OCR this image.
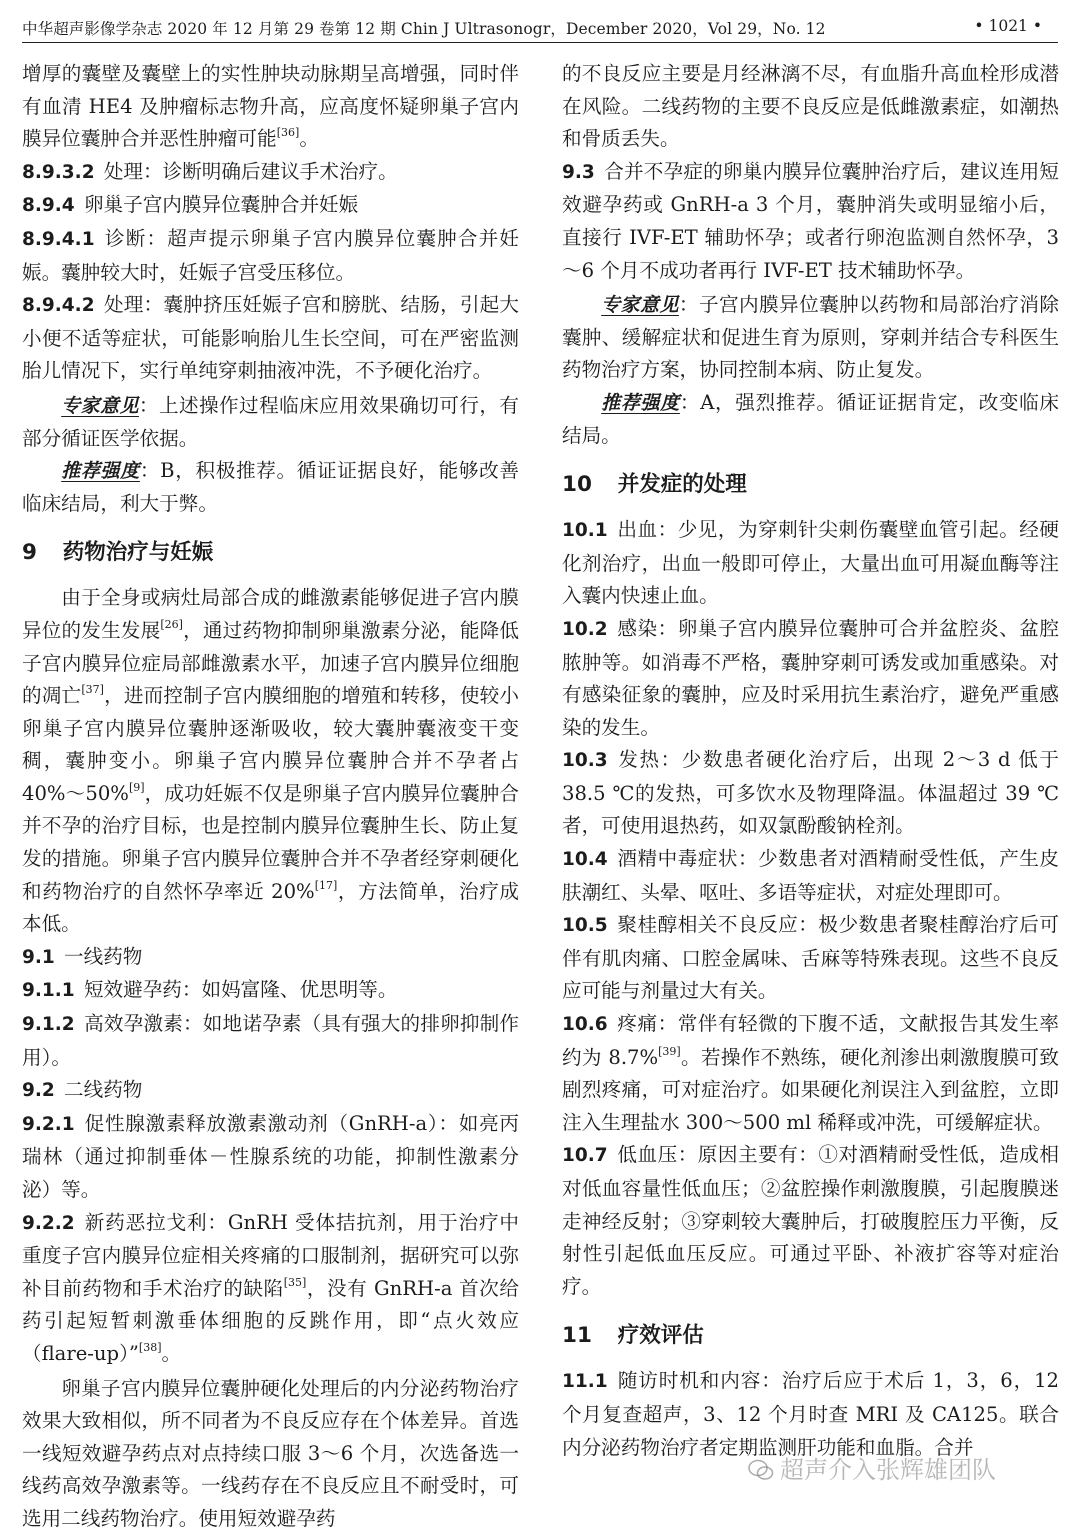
中华超声影像学杂志 2020 年 12 月第 29 卷第 12 期 Chin J Ultrasonogr，December 2020，Vol 29，No. 12	• 1021 •

增厚的囊壁及囊壁上的实性肿块动脉期呈高增强，同时伴有血清 HE4 及肿瘤标志物升高，应高度怀疑卵巢子宫内膜异位囊肿合并恶性肿瘤可能[36]。

8.9.3.2 处理：诊断明确后建议手术治疗。

8.9.4 卵巢子宫内膜异位囊肿合并妊娠

8.9.4.1 诊断：超声提示卵巢子宫内膜异位囊肿合并妊娠。囊肿较大时，妊娠子宫受压移位。

8.9.4.2 处理：囊肿挤压妊娠子宫和膀胱、结肠，引起大小便不适等症状，可能影响胎儿生长空间，可在严密监测胎儿情况下，实行单纯穿刺抽液冲洗，不予硬化治疗。

专家意见：上述操作过程临床应用效果确切可行，有部分循证医学依据。

推荐强度：B，积极推荐。循证证据良好，能够改善临床结局，利大于弊。

9 药物治疗与妊娠

由于全身或病灶局部合成的雌激素能够促进子宫内膜异位的发生发展[26]，通过药物抑制卵巢激素分泌，能降低子宫内膜异位症局部雌激素水平，加速子宫内膜异位细胞的凋亡[37]，进而控制子宫内膜细胞的增殖和转移，使较小卵巢子宫内膜异位囊肿逐渐吸收，较大囊肿囊液变干变稠，囊肿变小。卵巢子宫内膜异位囊肿合并不孕者占 40%～50%[9]，成功妊娠不仅是卵巢子宫内膜异位囊肿合并不孕的治疗目标，也是控制内膜异位囊肿生长、防止复发的措施。卵巢子宫内膜异位囊肿合并不孕者经穿刺硬化和药物治疗的自然怀孕率近 20%[17]，方法简单，治疗成本低。

9.1 一线药物

9.1.1 短效避孕药：如妈富隆、优思明等。

9.1.2 高效孕激素：如地诺孕素（具有强大的排卵抑制作用）。

9.2 二线药物

9.2.1 促性腺激素释放激素激动剂（GnRH-a）：如亮丙瑞林（通过抑制垂体－性腺系统的功能，抑制性激素分泌）等。

9.2.2 新药恶拉戈利：GnRH 受体拮抗剂，用于治疗中重度子宫内膜异位症相关疼痛的口服制剂，据研究可以弥补目前药物和手术治疗的缺陷[35]，没有 GnRH-a 首次给药引起短暂刺激垂体细胞的反跳作用，即“点火效应（flare-up）”[38]。

卵巢子宫内膜异位囊肿硬化处理后的内分泌药物治疗效果大致相似，所不同者为不良反应存在个体差异。首选一线短效避孕药点对点持续口服 3～6 个月，次选备选一线药高效孕激素等。一线药存在不良反应且不耐受时，可选用二线药物治疗。使用短效避孕药

的不良反应主要是月经淋漓不尽，有血脂升高血栓形成潜在风险。二线药物的主要不良反应是低雌激素症，如潮热和骨质丢失。

9.3 合并不孕症的卵巢内膜异位囊肿治疗后，建议连用短效避孕药或 GnRH-a 3 个月，囊肿消失或明显缩小后，直接行 IVF-ET 辅助怀孕；或者行卵泡监测自然怀孕，3～6 个月不成功者再行 IVF-ET 技术辅助怀孕。

专家意见：子宫内膜异位囊肿以药物和局部治疗消除囊肿、缓解症状和促进生育为原则，穿刺并结合专科医生药物治疗方案，协同控制本病、防止复发。

推荐强度：A，强烈推荐。循证证据肯定，改变临床结局。

10 并发症的处理

10.1 出血：少见，为穿刺针尖刺伤囊壁血管引起。经硬化剂治疗，出血一般即可停止，大量出血可用凝血酶等注入囊内快速止血。

10.2 感染：卵巢子宫内膜异位囊肿可合并盆腔炎、盆腔脓肿等。如消毒不严格，囊肿穿刺可诱发或加重感染。对有感染征象的囊肿，应及时采用抗生素治疗，避免严重感染的发生。

10.3 发热：少数患者硬化治疗后，出现 2～3 d 低于 38.5 ℃的发热，可多饮水及物理降温。体温超过 39 ℃者，可使用退热药，如双氯酚酸钠栓剂。

10.4 酒精中毒症状：少数患者对酒精耐受性低，产生皮肤潮红、头晕、呕吐、多语等症状，对症处理即可。

10.5 聚桂醇相关不良反应：极少数患者聚桂醇治疗后可伴有肌肉痛、口腔金属味、舌麻等特殊表现。这些不良反应可能与剂量过大有关。

10.6 疼痛：常伴有轻微的下腹不适，文献报告其发生率约为 8.7%[39]。若操作不熟练，硬化剂渗出刺激腹膜可致剧烈疼痛，可对症治疗。如果硬化剂误注入到盆腔，立即注入生理盐水 300～500 ml 稀释或冲洗，可缓解症状。

10.7 低血压：原因主要有：①对酒精耐受性低，造成相对低血容量性低血压；②盆腔操作刺激腹膜，引起腹膜迷走神经反射；③穿刺较大囊肿后，打破腹腔压力平衡，反射性引起低血压反应。可通过平卧、补液扩容等对症治疗。

11 疗效评估

11.1 随访时机和内容：治疗后应于术后 1，3，6，12 个月复查超声，3、12 个月时查 MRI 及 CA125。联合内分泌药物治疗者定期监测肝功能和血脂。合并

超声介入张辉雄团队
